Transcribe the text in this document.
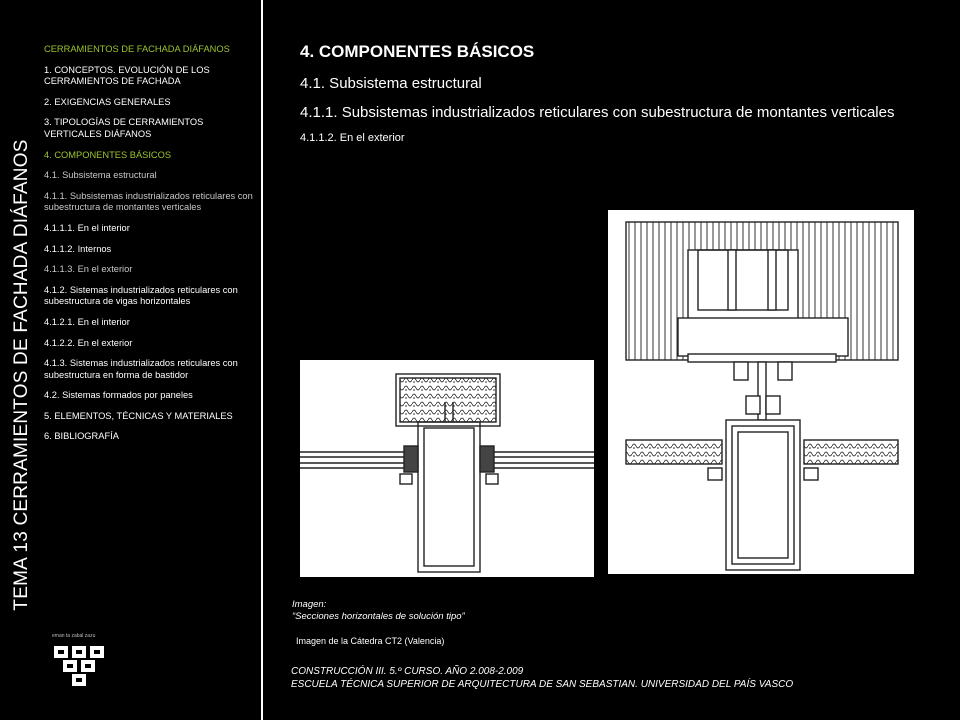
TEMA 13 CERRAMIENTOS DE FACHADA DIÁFANOS
CERRAMIENTOS DE FACHADA DIÁFANOS
1. CONCEPTOS. EVOLUCIÓN DE LOS CERRAMIENTOS DE FACHADA
2. EXIGENCIAS GENERALES
3. TIPOLOGÍAS DE CERRAMIENTOS VERTICALES DIÁFANOS
4. COMPONENTES BÁSICOS
4.1. Subsistema estructural
4.1.1. Subsistemas industrializados reticulares con subestructura de montantes verticales
4.1.1.1. En el interior
4.1.1.2. Internos
4.1.1.3. En el exterior
4.1.2. Sistemas industrializados reticulares con subestructura de vigas horizontales
4.1.2.1. En el interior
4.1.2.2. En el exterior
4.1.3. Sistemas industrializados reticulares con subestructura en forma de bastidor
4.2. Sistemas formados por paneles
5. ELEMENTOS, TÉCNICAS Y MATERIALES
6. BIBLIOGRAFÍA
eman ta zabal zazu
4. COMPONENTES BÁSICOS
4.1. Subsistema estructural
4.1.1. Subsistemas industrializados reticulares con subestructura de montantes verticales
4.1.1.2. En el exterior
Imagen:
“Secciones horizontales de solución tipo”
Imagen de la Cátedra CT2 (Valencia)
CONSTRUCCIÓN III. 5.º CURSO. AÑO 2.008-2.009
ESCUELA TÉCNICA SUPERIOR DE ARQUITECTURA DE SAN SEBASTIAN. UNIVERSIDAD DEL PAÍS VASCO
